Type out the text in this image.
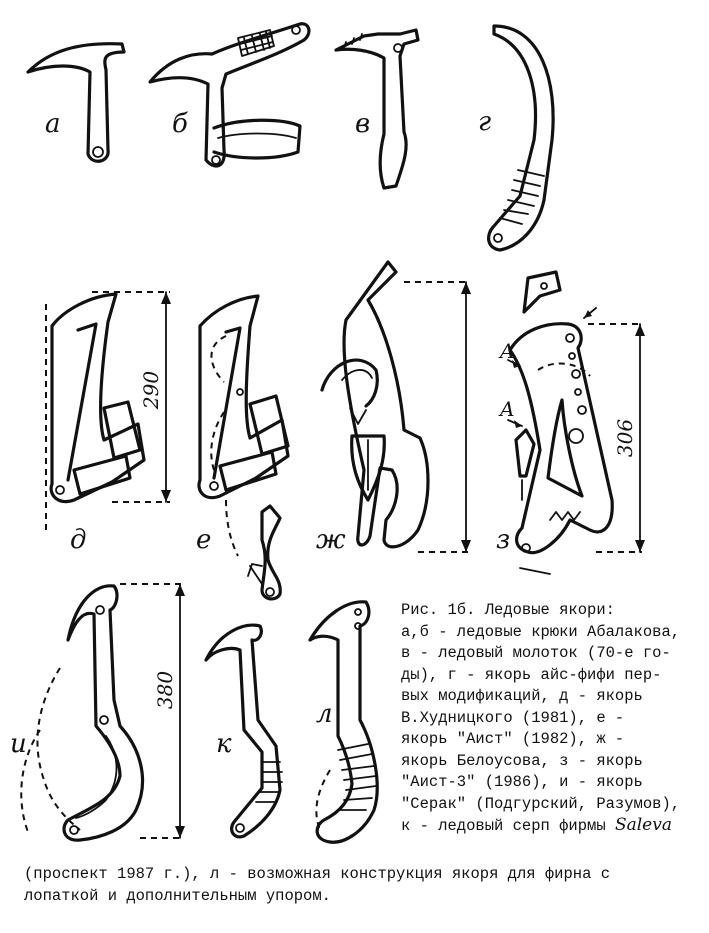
а	б	в	г
290
д	е	ж
A
A
306
з
380
и	к
л
Рис. 1б. Ледовые якори:
а,б - ледовые крюки Абалакова,
в - ледовый молоток (70-е го-
ды), г - якорь айс-фифи пер-
вых модификаций, д - якорь
В.Худницкого (1981), е -
якорь "Аист" (1982), ж -
якорь Белоусова, з - якорь
"Аист-3" (1986), и - якорь
"Серак" (Подгурский, Разумов),
к - ледовый серп фирмы Saleva
(проспект 1987 г.), л - возможная конструкция якоря для фирна с
лопаткой и дополнительным упором.
